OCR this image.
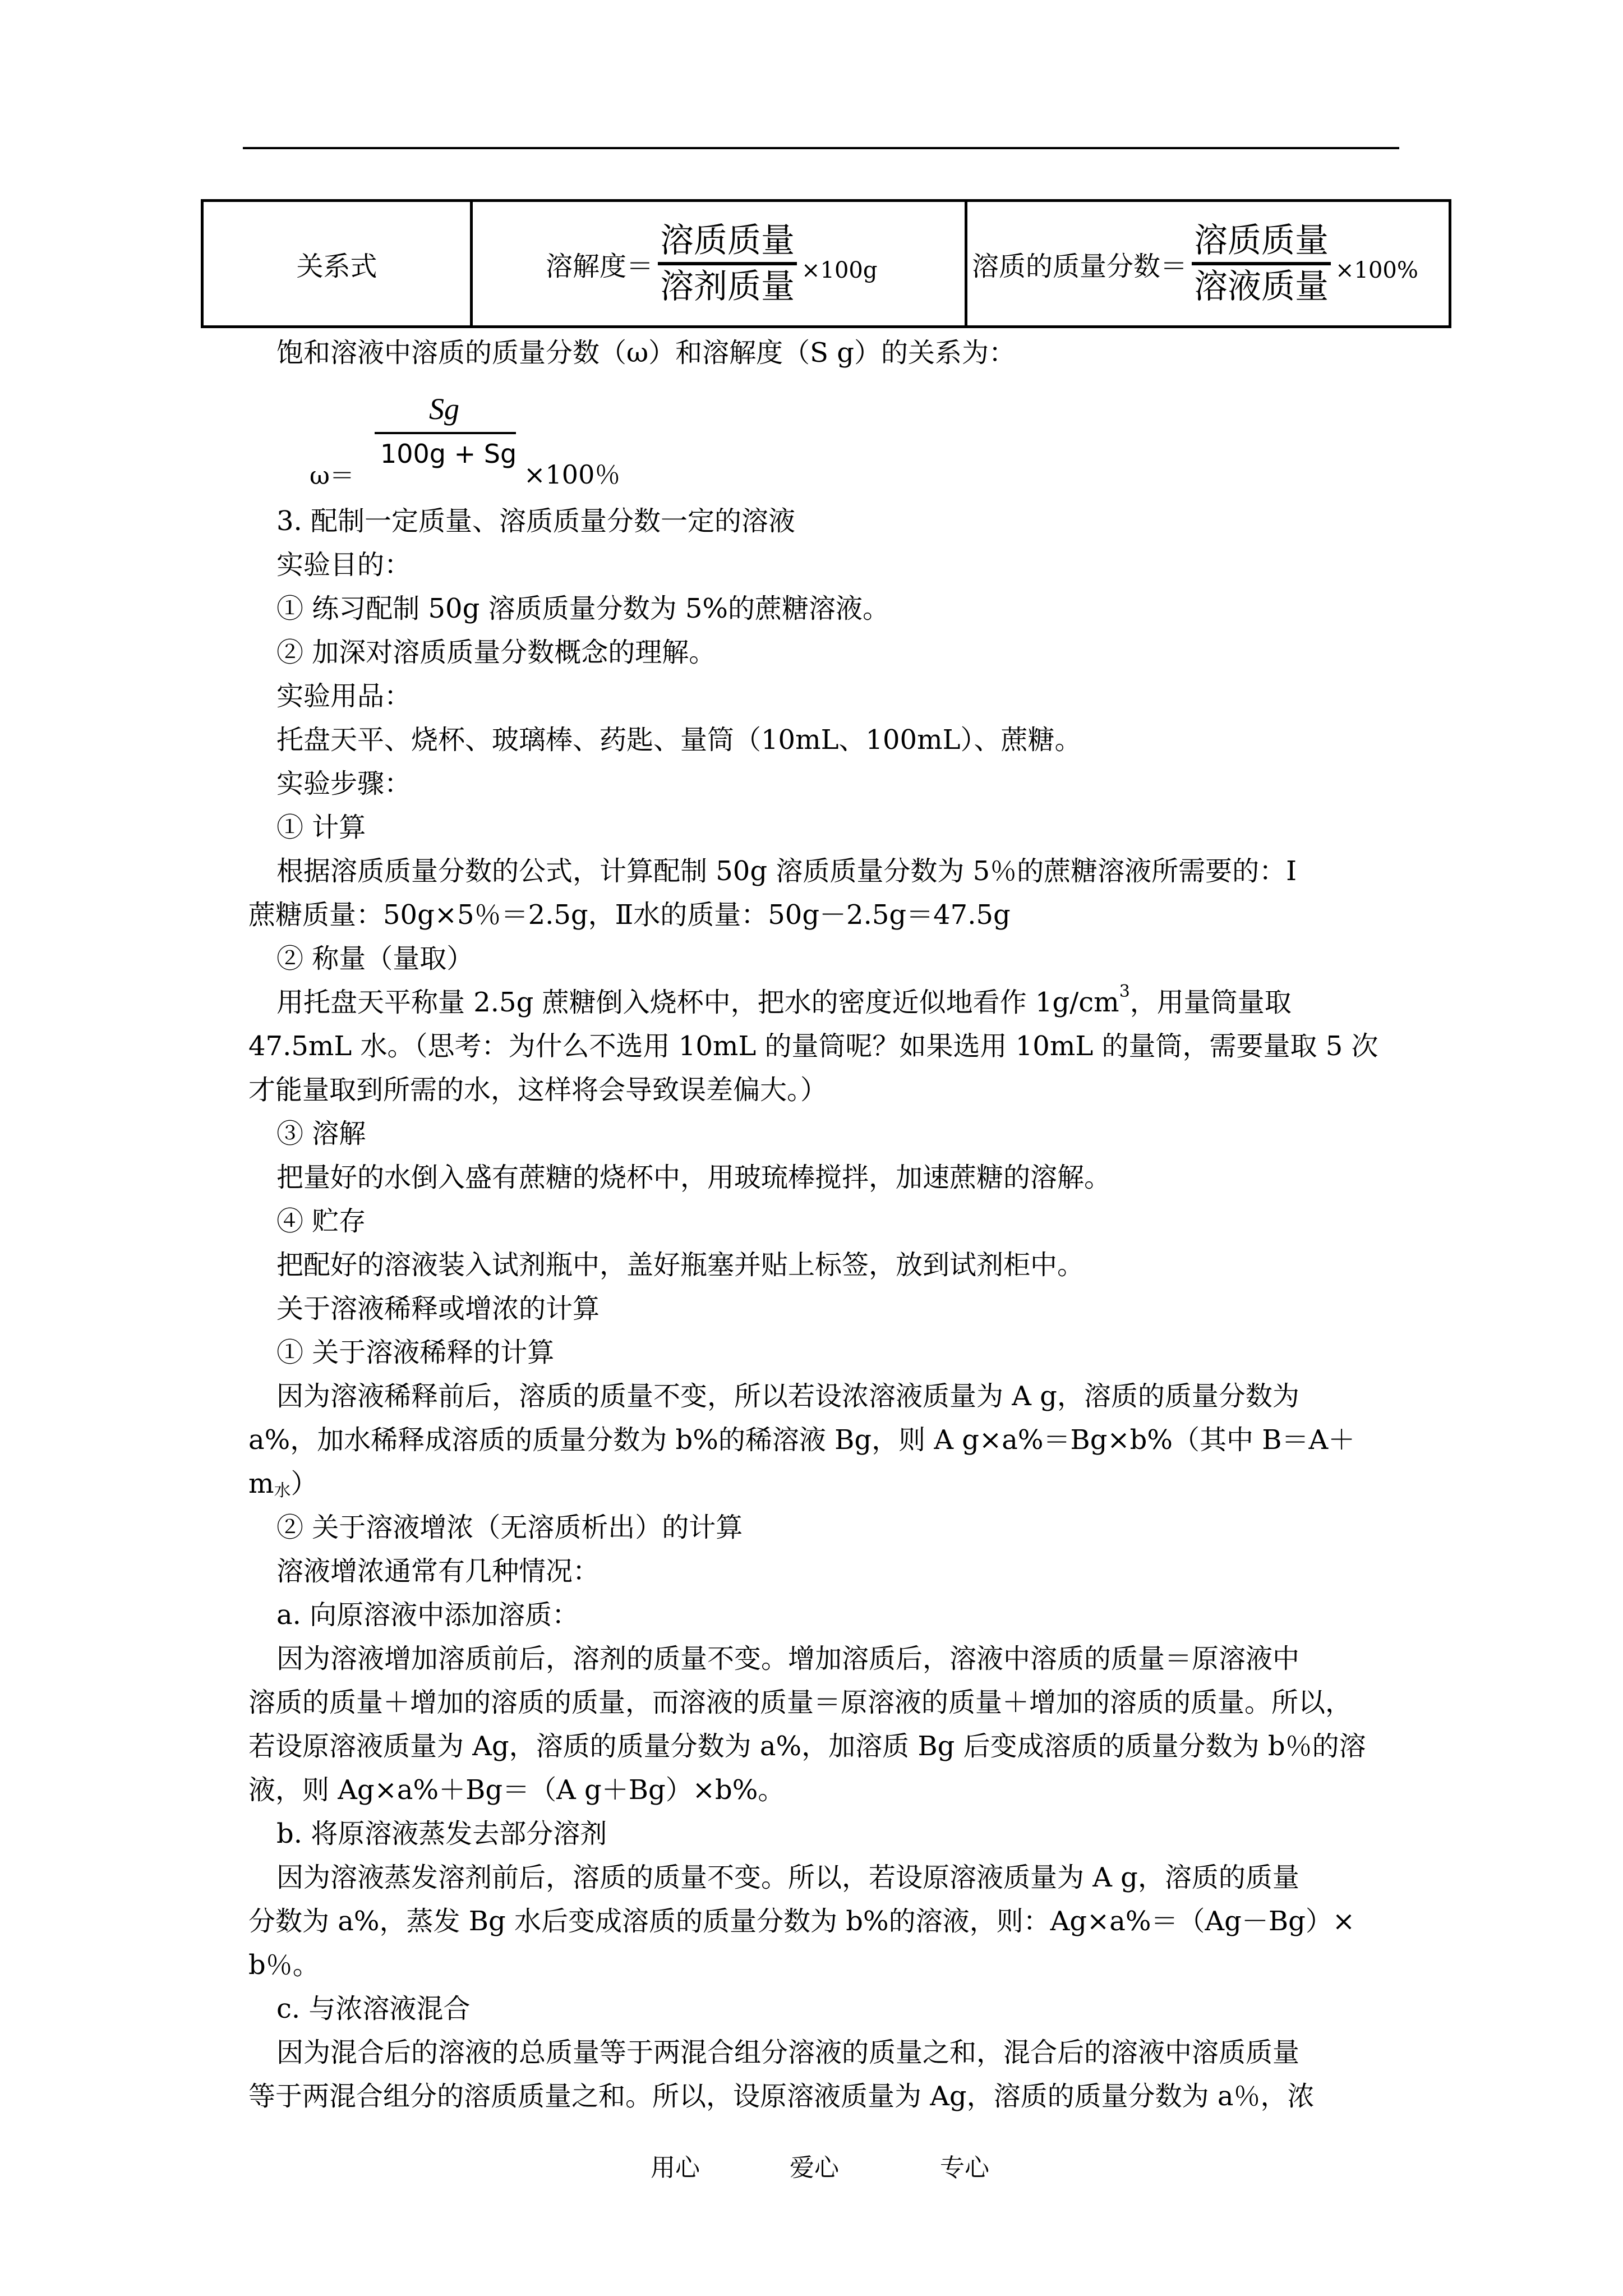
关系式	溶解度＝
溶质质量
溶剂质量 ×100g	溶质的质量分数＝
溶质质量
溶液质量 ×100%
饱和溶液中溶质的质量分数（ω）和溶解度（S g）的关系为：
Sg
100g + Sg
ω＝	×100％
3. 配制一定质量、溶质质量分数一定的溶液
实验目的：
① 练习配制 50g 溶质质量分数为 5%的蔗糖溶液。
② 加深对溶质质量分数概念的理解。
实验用品：
托盘天平、烧杯、玻璃棒、药匙、量筒（10mL、100mL）、蔗糖。
实验步骤：
① 计算
根据溶质质量分数的公式，计算配制 50g 溶质质量分数为 5％的蔗糖溶液所需要的：Ⅰ
蔗糖质量：50g×5％＝2.5g，Ⅱ水的质量：50g－2.5g＝47.5g
② 称量（量取）
用托盘天平称量 2.5g 蔗糖倒入烧杯中，把水的密度近似地看作 $1g/cm^3$，用量筒量取
47.5mL 水。（思考：为什么不选用 10mL 的量筒呢？如果选用 10mL 的量筒，需要量取 5 次
才能量取到所需的水，这样将会导致误差偏大。）
③ 溶解
把量好的水倒入盛有蔗糖的烧杯中，用玻琉棒搅拌，加速蔗糖的溶解。
④ 贮存
把配好的溶液装入试剂瓶中，盖好瓶塞并贴上标签，放到试剂柜中。
关于溶液稀释或增浓的计算
① 关于溶液稀释的计算
因为溶液稀释前后，溶质的质量不变，所以若设浓溶液质量为 A g，溶质的质量分数为
a%，加水稀释成溶质的质量分数为 b%的稀溶液 Bg，则 A g×a%＝Bg×b%（其中 B＝A＋
$m_水$）
② 关于溶液增浓（无溶质析出）的计算
溶液增浓通常有几种情况：
a. 向原溶液中添加溶质：
因为溶液增加溶质前后，溶剂的质量不变。增加溶质后，溶液中溶质的质量＝原溶液中
溶质的质量＋增加的溶质的质量，而溶液的质量＝原溶液的质量＋增加的溶质的质量。所以，
若设原溶液质量为 Ag，溶质的质量分数为 a%，加溶质 Bg 后变成溶质的质量分数为 b％的溶
液，则 Ag×a%＋Bg＝（A g＋Bg）×b%。
b. 将原溶液蒸发去部分溶剂
因为溶液蒸发溶剂前后，溶质的质量不变。所以，若设原溶液质量为 A g，溶质的质量
分数为 a%，蒸发 Bg 水后变成溶质的质量分数为 b%的溶液，则：Ag×a%＝（Ag－Bg）×
b％。
c. 与浓溶液混合
因为混合后的溶液的总质量等于两混合组分溶液的质量之和，混合后的溶液中溶质质量
等于两混合组分的溶质质量之和。所以，设原溶液质量为 Ag，溶质的质量分数为 a％，浓
用心	爱心	专心
